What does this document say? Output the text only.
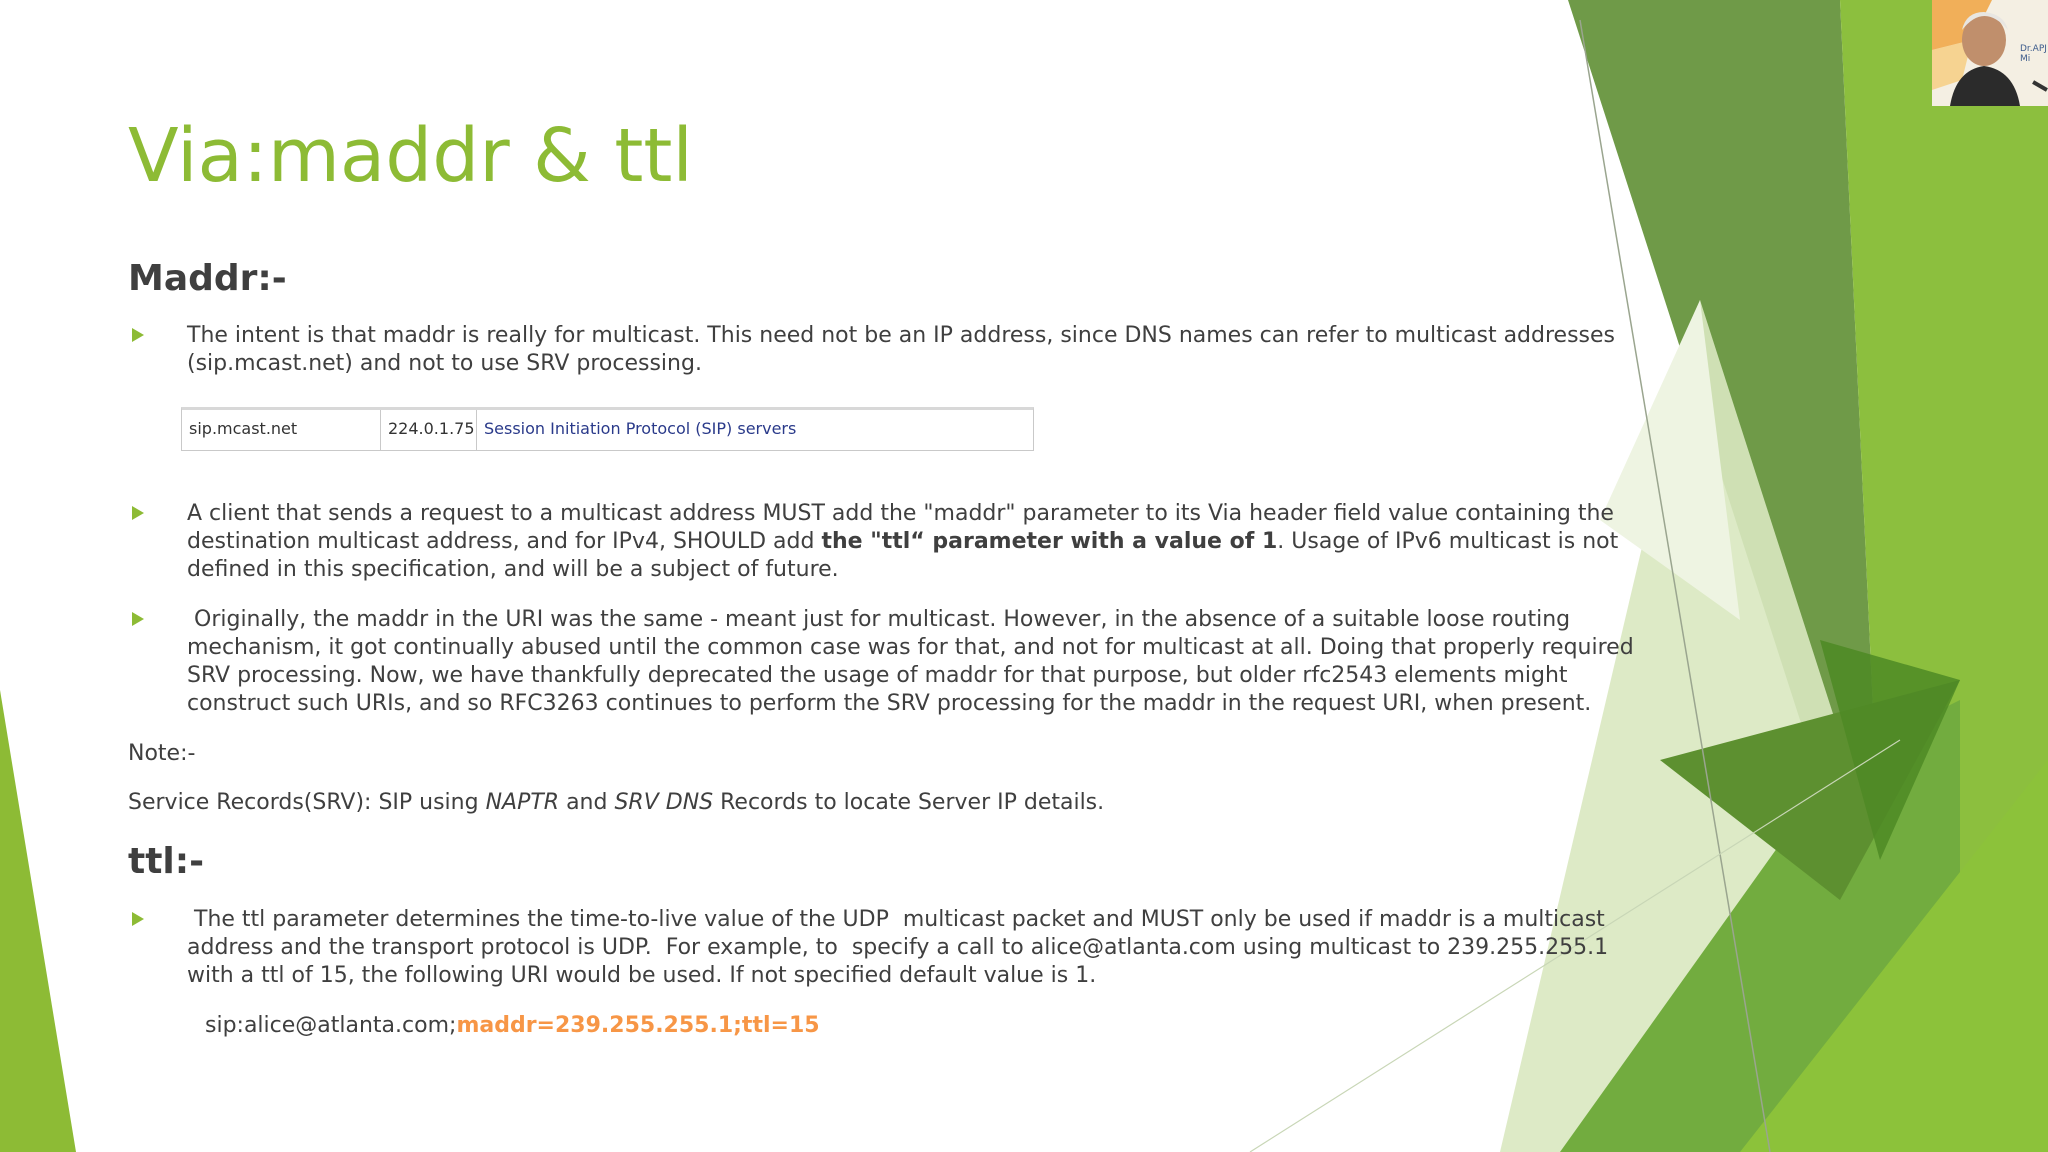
Dr.APJ
Mi
Via:maddr & ttl
Maddr:-
The intent is that maddr is really for multicast. This need not be an IP address, since DNS names can refer to multicast addresses (sip.mcast.net) and not to use SRV processing.
sip.mcast.net	224.0.1.75 Session Initiation Protocol (SIP) servers
A client that sends a request to a multicast address MUST add the "maddr" parameter to its Via header field value containing the destination multicast address, and for IPv4, SHOULD add the "ttl“ parameter with a value of 1. Usage of IPv6 multicast is not defined in this specification, and will be a subject of future.
Originally, the maddr in the URI was the same - meant just for multicast. However, in the absence of a suitable loose routing mechanism, it got continually abused until the common case was for that, and not for multicast at all. Doing that properly required SRV processing. Now, we have thankfully deprecated the usage of maddr for that purpose, but older rfc2543 elements might construct such URIs, and so RFC3263 continues to perform the SRV processing for the maddr in the request URI, when present.
Note:-
Service Records(SRV): SIP using NAPTR and SRV DNS Records to locate Server IP details.
ttl:-
The ttl parameter determines the time-to-live value of the UDP  multicast packet and MUST only be used if maddr is a multicast  address and the transport protocol is UDP.  For example, to  specify a call to alice@atlanta.com using multicast to 239.255.255.1 with a ttl of 15, the following URI would be used. If not specified default value is 1.
sip:alice@atlanta.com;maddr=239.255.255.1;ttl=15
